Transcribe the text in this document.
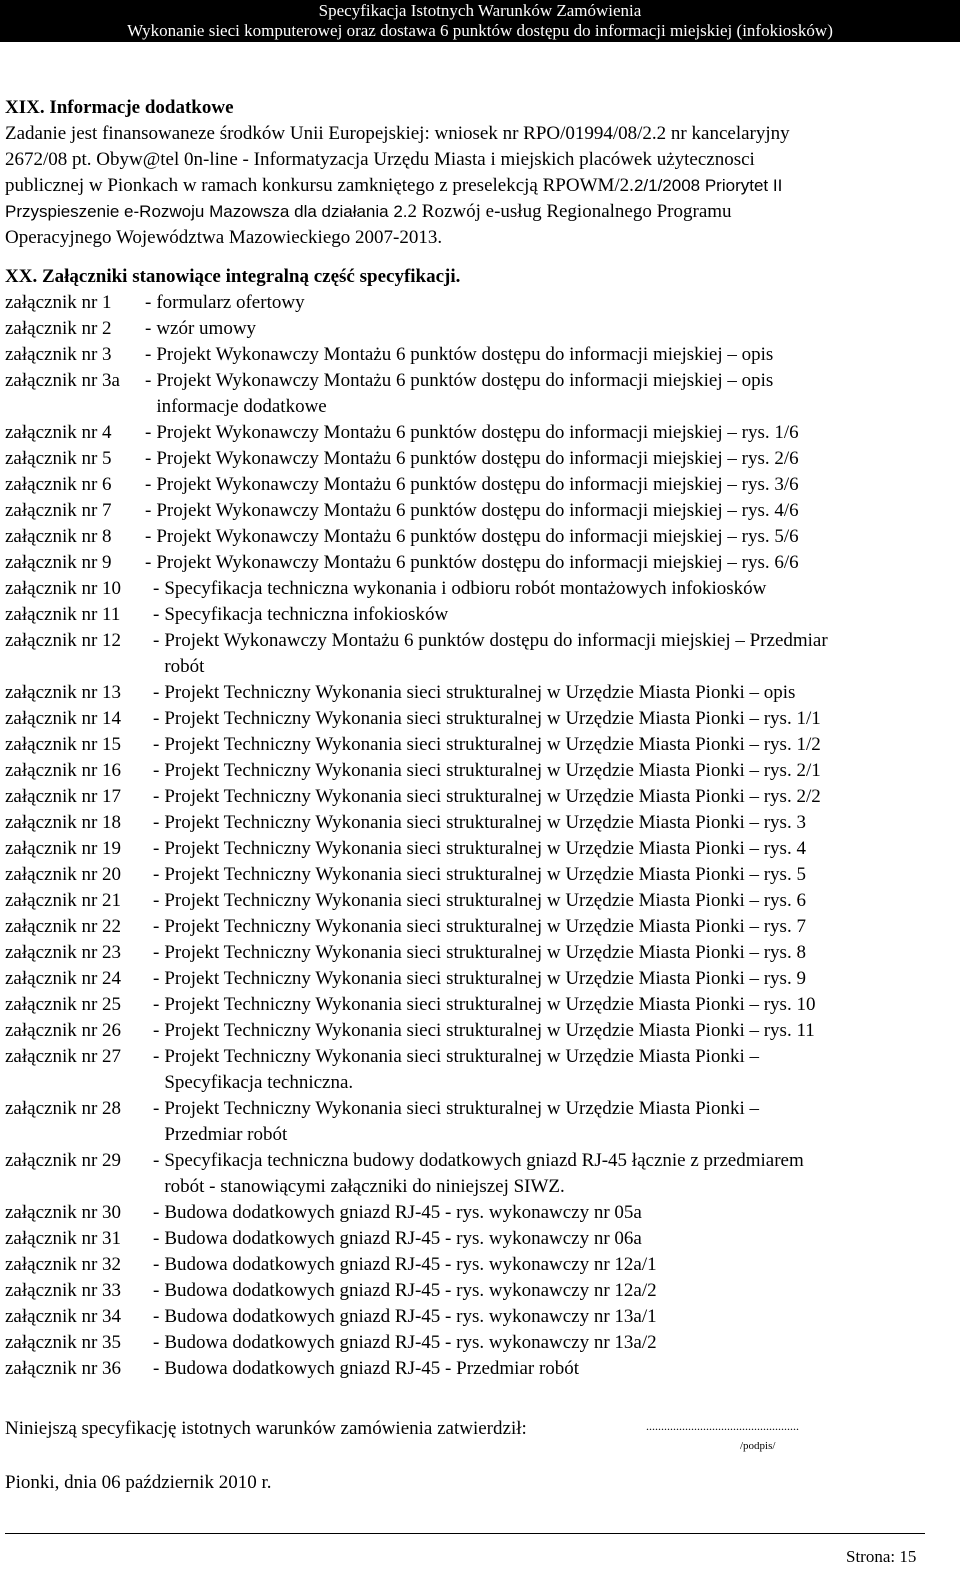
Specyfikacja Istotnych Warunków Zamówienia
Wykonanie sieci komputerowej oraz dostawa 6 punktów dostępu do informacji miejskiej (infokiosków)
XIX. Informacje dodatkowe
Zadanie jest finansowaneze środków Unii Europejskiej: wniosek nr RPO/01994/08/2.2 nr kancelaryjny
2672/08 pt. Obyw@tel 0n-line - Informatyzacja Urzędu Miasta i miejskich placówek użytecznosci
publicznej w Pionkach w ramach konkursu zamkniętego z preselekcją RPOWM/2.2/1/2008 Priorytet II
Przyspieszenie e-Rozwoju Mazowsza dla działania 2.2 Rozwój e-usług Regionalnego Programu
Operacyjnego Województwa Mazowieckiego 2007-2013.
XX. Załączniki stanowiące integralną część specyfikacji.
załącznik nr 1	- formularz ofertowy
załącznik nr 2	- wzór umowy
załącznik nr 3	- Projekt Wykonawczy Montażu 6 punktów dostępu do informacji miejskiej – opis
załącznik nr 3a	- Projekt Wykonawczy Montażu 6 punktów dostępu do informacji miejskiej – opis
informacje dodatkowe
załącznik nr 4	- Projekt Wykonawczy Montażu 6 punktów dostępu do informacji miejskiej – rys. 1/6
załącznik nr 5	- Projekt Wykonawczy Montażu 6 punktów dostępu do informacji miejskiej – rys. 2/6
załącznik nr 6	- Projekt Wykonawczy Montażu 6 punktów dostępu do informacji miejskiej – rys. 3/6
załącznik nr 7	- Projekt Wykonawczy Montażu 6 punktów dostępu do informacji miejskiej – rys. 4/6
załącznik nr 8	- Projekt Wykonawczy Montażu 6 punktów dostępu do informacji miejskiej – rys. 5/6
załącznik nr 9	- Projekt Wykonawczy Montażu 6 punktów dostępu do informacji miejskiej – rys. 6/6
załącznik nr 10	- Specyfikacja techniczna wykonania i odbioru robót montażowych infokiosków
załącznik nr 11	- Specyfikacja techniczna infokiosków
załącznik nr 12	- Projekt Wykonawczy Montażu 6 punktów dostępu do informacji miejskiej – Przedmiar
robót
załącznik nr 13	- Projekt Techniczny Wykonania sieci strukturalnej w Urzędzie Miasta Pionki – opis
załącznik nr 14	- Projekt Techniczny Wykonania sieci strukturalnej w Urzędzie Miasta Pionki – rys. 1/1
załącznik nr 15	- Projekt Techniczny Wykonania sieci strukturalnej w Urzędzie Miasta Pionki – rys. 1/2
załącznik nr 16	- Projekt Techniczny Wykonania sieci strukturalnej w Urzędzie Miasta Pionki – rys. 2/1
załącznik nr 17	- Projekt Techniczny Wykonania sieci strukturalnej w Urzędzie Miasta Pionki – rys. 2/2
załącznik nr 18	- Projekt Techniczny Wykonania sieci strukturalnej w Urzędzie Miasta Pionki – rys. 3
załącznik nr 19	- Projekt Techniczny Wykonania sieci strukturalnej w Urzędzie Miasta Pionki – rys. 4
załącznik nr 20	- Projekt Techniczny Wykonania sieci strukturalnej w Urzędzie Miasta Pionki – rys. 5
załącznik nr 21	- Projekt Techniczny Wykonania sieci strukturalnej w Urzędzie Miasta Pionki – rys. 6
załącznik nr 22	- Projekt Techniczny Wykonania sieci strukturalnej w Urzędzie Miasta Pionki – rys. 7
załącznik nr 23	- Projekt Techniczny Wykonania sieci strukturalnej w Urzędzie Miasta Pionki – rys. 8
załącznik nr 24	- Projekt Techniczny Wykonania sieci strukturalnej w Urzędzie Miasta Pionki – rys. 9
załącznik nr 25	- Projekt Techniczny Wykonania sieci strukturalnej w Urzędzie Miasta Pionki – rys. 10
załącznik nr 26	- Projekt Techniczny Wykonania sieci strukturalnej w Urzędzie Miasta Pionki – rys. 11
załącznik nr 27	- Projekt Techniczny Wykonania sieci strukturalnej w Urzędzie Miasta Pionki –
Specyfikacja techniczna.
załącznik nr 28	- Projekt Techniczny Wykonania sieci strukturalnej w Urzędzie Miasta Pionki –
Przedmiar robót
załącznik nr 29	- Specyfikacja techniczna budowy dodatkowych gniazd RJ-45 łącznie z przedmiarem
robót - stanowiącymi załączniki do niniejszej SIWZ.
załącznik nr 30	- Budowa dodatkowych gniazd RJ-45 - rys. wykonawczy nr 05a
załącznik nr 31	- Budowa dodatkowych gniazd RJ-45 - rys. wykonawczy nr 06a
załącznik nr 32	- Budowa dodatkowych gniazd RJ-45 - rys. wykonawczy nr 12a/1
załącznik nr 33	- Budowa dodatkowych gniazd RJ-45 - rys. wykonawczy nr 12a/2
załącznik nr 34	- Budowa dodatkowych gniazd RJ-45 - rys. wykonawczy nr 13a/1
załącznik nr 35	- Budowa dodatkowych gniazd RJ-45 - rys. wykonawczy nr 13a/2
załącznik nr 36	- Budowa dodatkowych gniazd RJ-45 - Przedmiar robót
Niniejszą specyfikację istotnych warunków zamówienia zatwierdził:	...................................................
/podpis/
Pionki, dnia 06 październik 2010 r.
Strona: 15
